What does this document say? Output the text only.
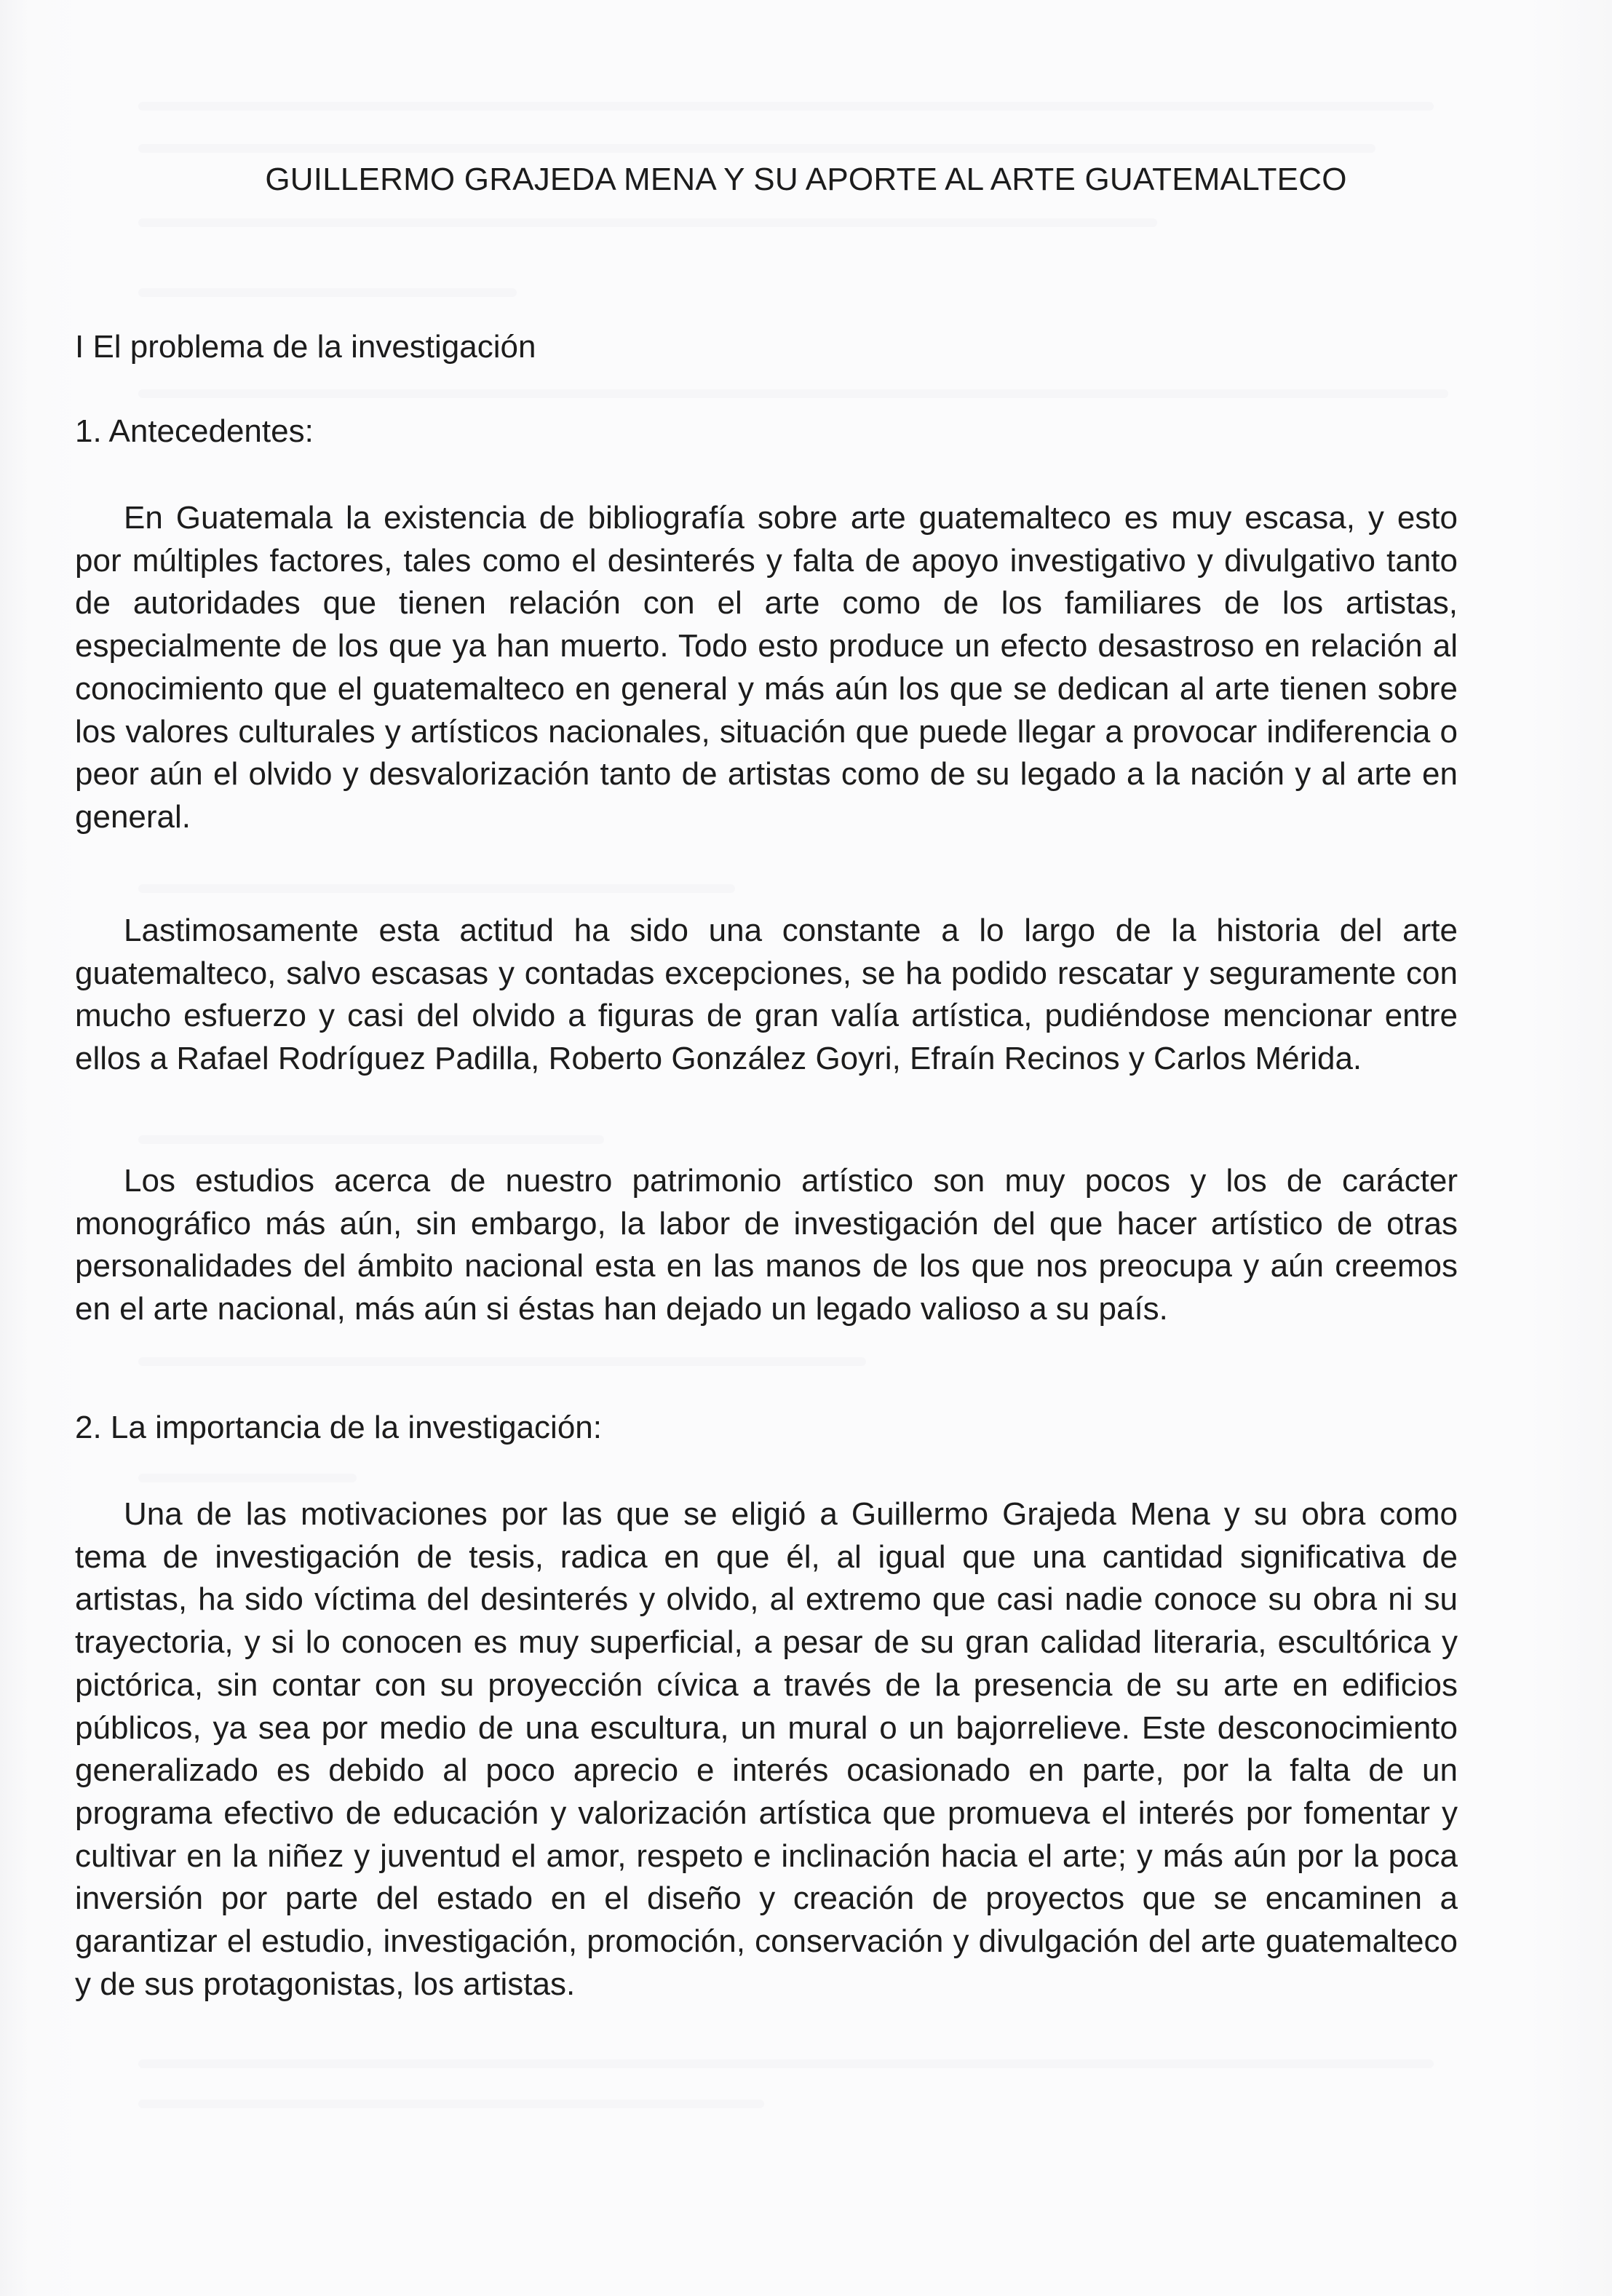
GUILLERMO GRAJEDA MENA Y SU APORTE AL ARTE GUATEMALTECO
I El problema de la investigación
1. Antecedentes:

En Guatemala la existencia de bibliografía sobre arte guatemalteco es muy escasa, y esto por múltiples factores, tales como el desinterés y falta de apoyo investigativo y divulgativo tanto de autoridades que tienen relación con el arte como de los familiares de los artistas, especialmente de los que ya han muerto. Todo esto produce un efecto desastroso en relación al conocimiento que el guatemalteco en general y más aún los que se dedican al arte tienen sobre los valores culturales y artísticos nacionales, situación que puede llegar a provocar indiferencia o peor aún el olvido y desvalorización tanto de artistas como de su legado a la nación y al arte en general.

Lastimosamente esta actitud ha sido una constante a lo largo de la historia del arte guatemalteco, salvo escasas y contadas excepciones, se ha podido rescatar y seguramente con mucho esfuerzo y casi del olvido a figuras de gran valía artística, pudiéndose mencionar entre ellos a Rafael Rodríguez Padilla, Roberto González Goyri, Efraín Recinos y Carlos Mérida.

Los estudios acerca de nuestro patrimonio artístico son muy pocos y los de carácter monográfico más aún, sin embargo, la labor de investigación del que hacer artístico de otras personalidades del ámbito nacional esta en las manos de los que nos preocupa y aún creemos en el arte nacional, más aún si éstas han dejado un legado valioso a su país.

2. La importancia de la investigación:

Una de las motivaciones por las que se eligió a Guillermo Grajeda Mena y su obra como tema de investigación de tesis, radica en que él, al igual que una cantidad significativa de artistas, ha sido víctima del desinterés y olvido, al extremo que casi nadie conoce su obra ni su trayectoria, y si lo conocen es muy superficial, a pesar de su gran calidad literaria, escultórica y pictórica, sin contar con su proyección cívica a través de la presencia de su arte en edificios públicos, ya sea por medio de una escultura, un mural o un bajorrelieve. Este desconocimiento generalizado es debido al poco aprecio e interés ocasionado en parte, por la falta de un programa efectivo de educación y valorización artística que promueva el interés por fomentar y cultivar en la niñez y juventud el amor, respeto e inclinación hacia el arte; y más aún por la poca inversión por parte del estado en el diseño y creación de proyectos que se encaminen a garantizar el estudio, investigación, promoción, conservación y divulgación del arte guatemalteco y de sus protagonistas, los artistas.
